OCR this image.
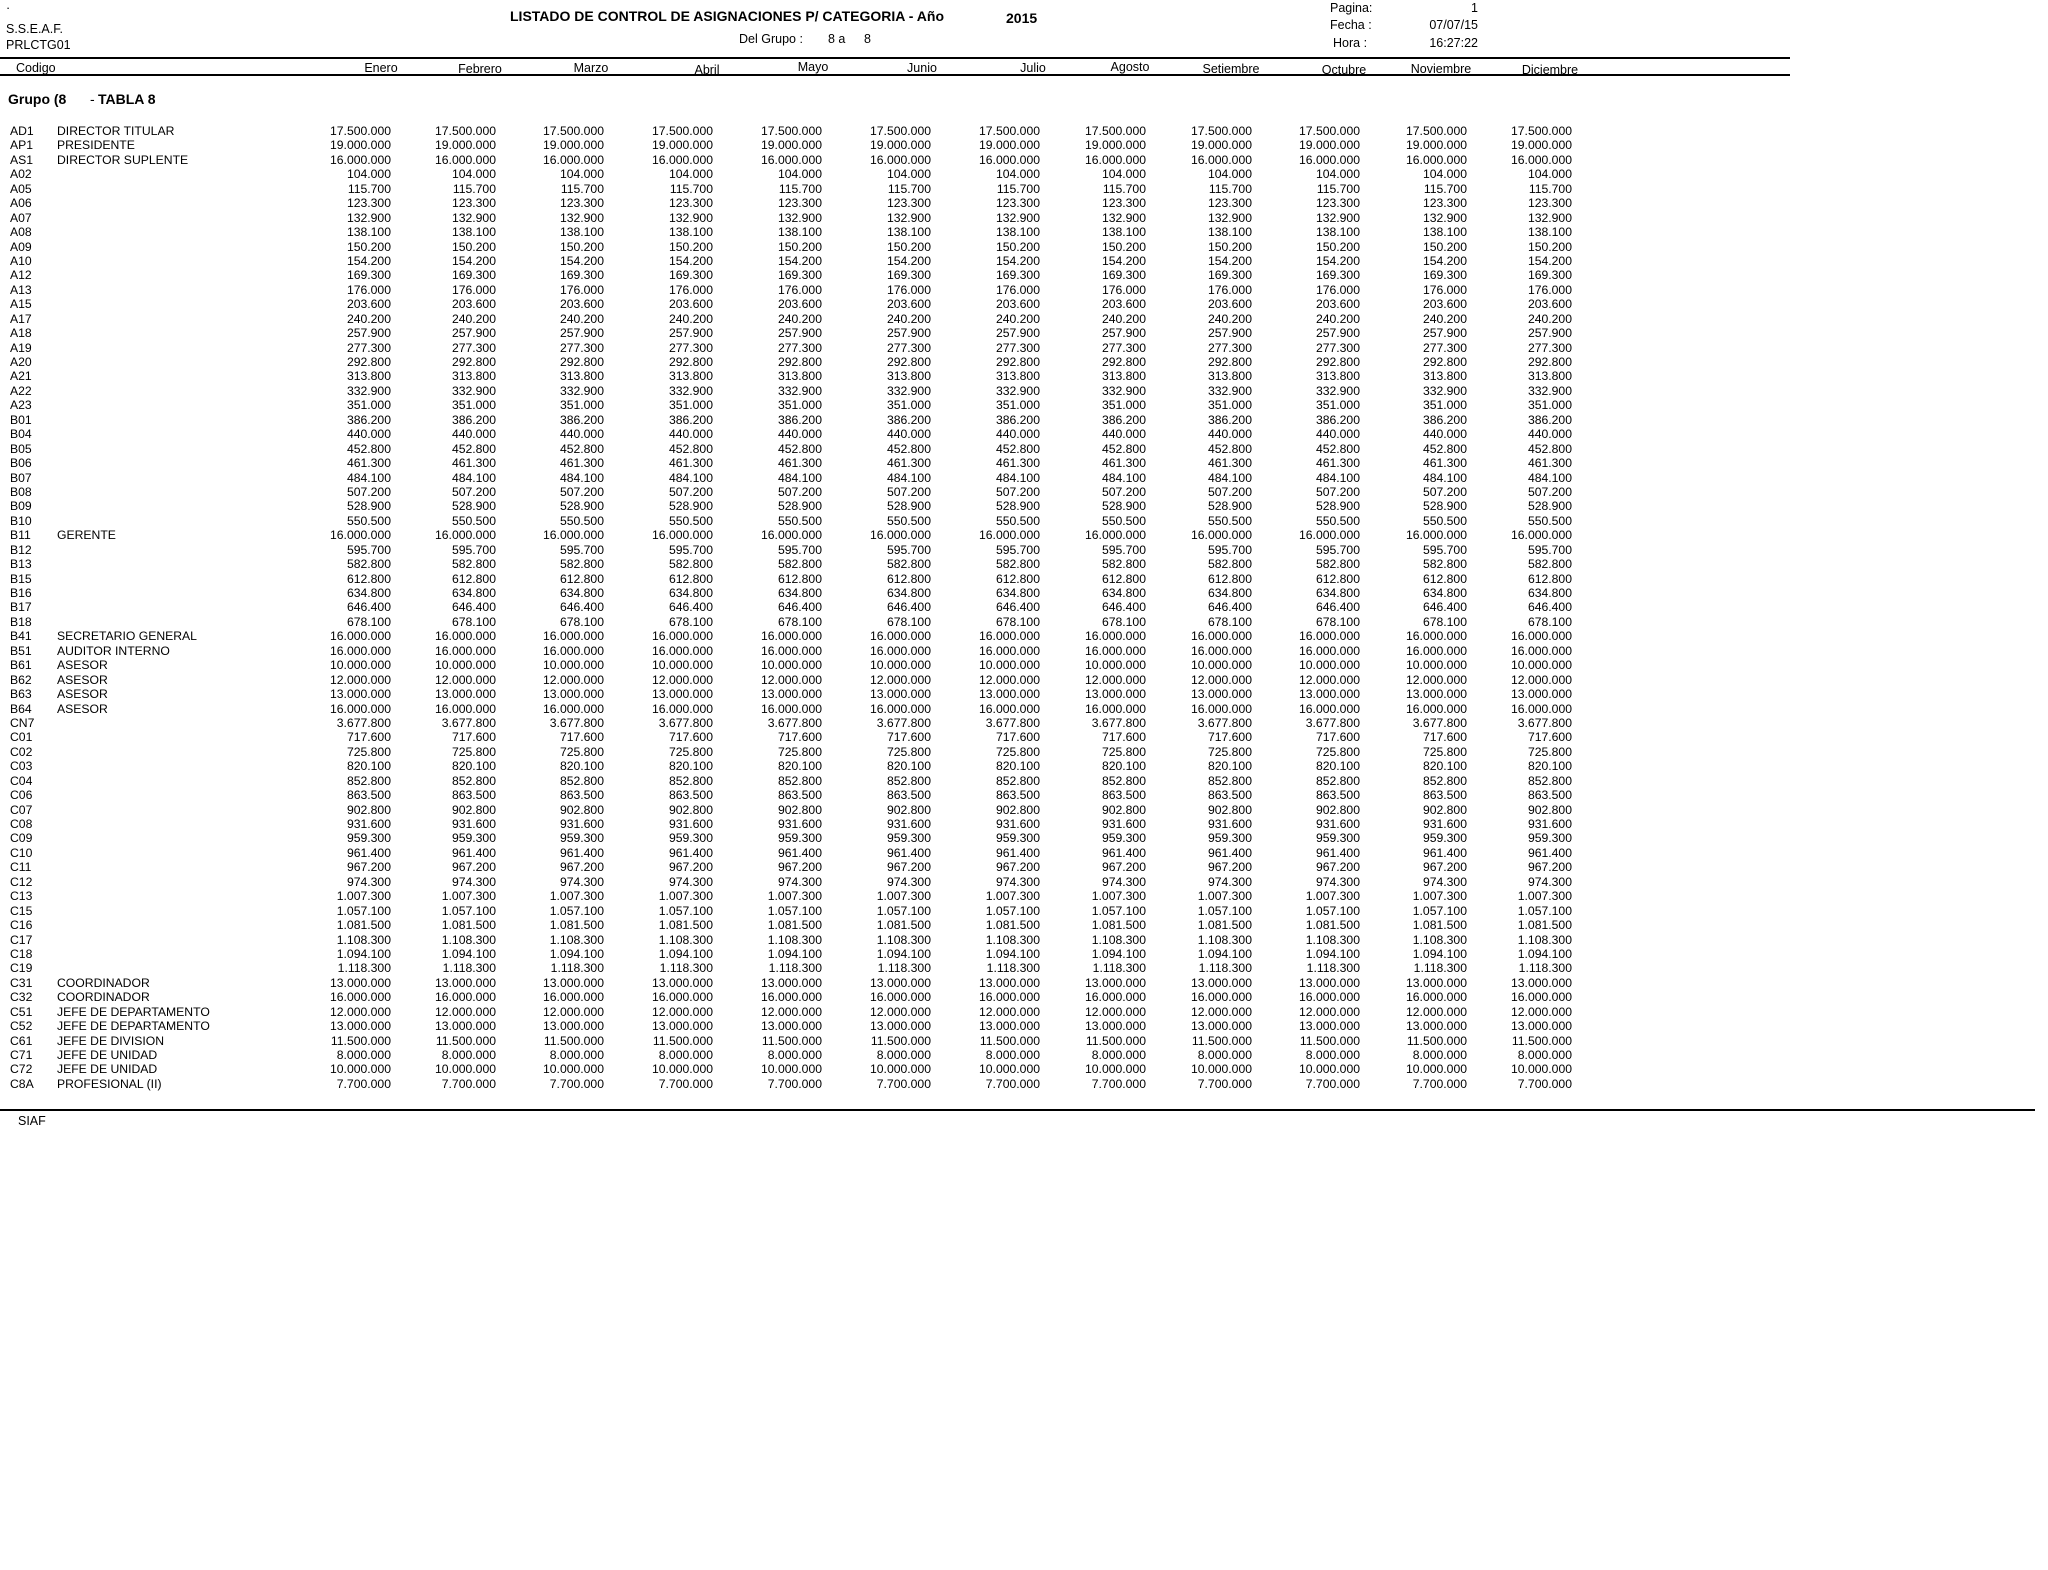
·
S.S.E.A.F.
PRLCTG01
LISTADO DE CONTROL DE ASIGNACIONES P/ CATEGORIA - Año	2015
Del Grupo : 8 a 8
Pagina:	1
Fecha :	07/07/15
Hora :	16:27:22
Codigo	Enero	Febrero	Marzo	Abril	Mayo	Junio	Julio	Agosto	Setiembre	Octubre	Noviembre	Diciembre
Grupo (8 - TABLA 8
AD1 DIRECTOR TITULAR	17.500.000	17.500.000	17.500.000	17.500.000	17.500.000	17.500.000	17.500.000	17.500.000	17.500.000	17.500.000	17.500.000	17.500.000
AP1 PRESIDENTE	19.000.000	19.000.000	19.000.000	19.000.000	19.000.000	19.000.000	19.000.000	19.000.000	19.000.000	19.000.000	19.000.000	19.000.000
AS1 DIRECTOR SUPLENTE	16.000.000	16.000.000	16.000.000	16.000.000	16.000.000	16.000.000	16.000.000	16.000.000	16.000.000	16.000.000	16.000.000	16.000.000
A02	104.000	104.000	104.000	104.000	104.000	104.000	104.000	104.000	104.000	104.000	104.000	104.000
A05	115.700	115.700	115.700	115.700	115.700	115.700	115.700	115.700	115.700	115.700	115.700	115.700
A06	123.300	123.300	123.300	123.300	123.300	123.300	123.300	123.300	123.300	123.300	123.300	123.300
A07	132.900	132.900	132.900	132.900	132.900	132.900	132.900	132.900	132.900	132.900	132.900	132.900
A08	138.100	138.100	138.100	138.100	138.100	138.100	138.100	138.100	138.100	138.100	138.100	138.100
A09	150.200	150.200	150.200	150.200	150.200	150.200	150.200	150.200	150.200	150.200	150.200	150.200
A10	154.200	154.200	154.200	154.200	154.200	154.200	154.200	154.200	154.200	154.200	154.200	154.200
A12	169.300	169.300	169.300	169.300	169.300	169.300	169.300	169.300	169.300	169.300	169.300	169.300
A13	176.000	176.000	176.000	176.000	176.000	176.000	176.000	176.000	176.000	176.000	176.000	176.000
A15	203.600	203.600	203.600	203.600	203.600	203.600	203.600	203.600	203.600	203.600	203.600	203.600
A17	240.200	240.200	240.200	240.200	240.200	240.200	240.200	240.200	240.200	240.200	240.200	240.200
A18	257.900	257.900	257.900	257.900	257.900	257.900	257.900	257.900	257.900	257.900	257.900	257.900
A19	277.300	277.300	277.300	277.300	277.300	277.300	277.300	277.300	277.300	277.300	277.300	277.300
A20	292.800	292.800	292.800	292.800	292.800	292.800	292.800	292.800	292.800	292.800	292.800	292.800
A21	313.800	313.800	313.800	313.800	313.800	313.800	313.800	313.800	313.800	313.800	313.800	313.800
A22	332.900	332.900	332.900	332.900	332.900	332.900	332.900	332.900	332.900	332.900	332.900	332.900
A23	351.000	351.000	351.000	351.000	351.000	351.000	351.000	351.000	351.000	351.000	351.000	351.000
B01	386.200	386.200	386.200	386.200	386.200	386.200	386.200	386.200	386.200	386.200	386.200	386.200
B04	440.000	440.000	440.000	440.000	440.000	440.000	440.000	440.000	440.000	440.000	440.000	440.000
B05	452.800	452.800	452.800	452.800	452.800	452.800	452.800	452.800	452.800	452.800	452.800	452.800
B06	461.300	461.300	461.300	461.300	461.300	461.300	461.300	461.300	461.300	461.300	461.300	461.300
B07	484.100	484.100	484.100	484.100	484.100	484.100	484.100	484.100	484.100	484.100	484.100	484.100
B08	507.200	507.200	507.200	507.200	507.200	507.200	507.200	507.200	507.200	507.200	507.200	507.200
B09	528.900	528.900	528.900	528.900	528.900	528.900	528.900	528.900	528.900	528.900	528.900	528.900
B10	550.500	550.500	550.500	550.500	550.500	550.500	550.500	550.500	550.500	550.500	550.500	550.500
B11 GERENTE	16.000.000	16.000.000	16.000.000	16.000.000	16.000.000	16.000.000	16.000.000	16.000.000	16.000.000	16.000.000	16.000.000	16.000.000
B12	595.700	595.700	595.700	595.700	595.700	595.700	595.700	595.700	595.700	595.700	595.700	595.700
B13	582.800	582.800	582.800	582.800	582.800	582.800	582.800	582.800	582.800	582.800	582.800	582.800
B15	612.800	612.800	612.800	612.800	612.800	612.800	612.800	612.800	612.800	612.800	612.800	612.800
B16	634.800	634.800	634.800	634.800	634.800	634.800	634.800	634.800	634.800	634.800	634.800	634.800
B17	646.400	646.400	646.400	646.400	646.400	646.400	646.400	646.400	646.400	646.400	646.400	646.400
B18	678.100	678.100	678.100	678.100	678.100	678.100	678.100	678.100	678.100	678.100	678.100	678.100
B41 SECRETARIO GENERAL	16.000.000	16.000.000	16.000.000	16.000.000	16.000.000	16.000.000	16.000.000	16.000.000	16.000.000	16.000.000	16.000.000	16.000.000
B51 AUDITOR INTERNO	16.000.000	16.000.000	16.000.000	16.000.000	16.000.000	16.000.000	16.000.000	16.000.000	16.000.000	16.000.000	16.000.000	16.000.000
B61 ASESOR	10.000.000	10.000.000	10.000.000	10.000.000	10.000.000	10.000.000	10.000.000	10.000.000	10.000.000	10.000.000	10.000.000	10.000.000
B62 ASESOR	12.000.000	12.000.000	12.000.000	12.000.000	12.000.000	12.000.000	12.000.000	12.000.000	12.000.000	12.000.000	12.000.000	12.000.000
B63 ASESOR	13.000.000	13.000.000	13.000.000	13.000.000	13.000.000	13.000.000	13.000.000	13.000.000	13.000.000	13.000.000	13.000.000	13.000.000
B64 ASESOR	16.000.000	16.000.000	16.000.000	16.000.000	16.000.000	16.000.000	16.000.000	16.000.000	16.000.000	16.000.000	16.000.000	16.000.000
CN7	3.677.800	3.677.800	3.677.800	3.677.800	3.677.800	3.677.800	3.677.800	3.677.800	3.677.800	3.677.800	3.677.800	3.677.800
C01	717.600	717.600	717.600	717.600	717.600	717.600	717.600	717.600	717.600	717.600	717.600	717.600
C02	725.800	725.800	725.800	725.800	725.800	725.800	725.800	725.800	725.800	725.800	725.800	725.800
C03	820.100	820.100	820.100	820.100	820.100	820.100	820.100	820.100	820.100	820.100	820.100	820.100
C04	852.800	852.800	852.800	852.800	852.800	852.800	852.800	852.800	852.800	852.800	852.800	852.800
C06	863.500	863.500	863.500	863.500	863.500	863.500	863.500	863.500	863.500	863.500	863.500	863.500
C07	902.800	902.800	902.800	902.800	902.800	902.800	902.800	902.800	902.800	902.800	902.800	902.800
C08	931.600	931.600	931.600	931.600	931.600	931.600	931.600	931.600	931.600	931.600	931.600	931.600
C09	959.300	959.300	959.300	959.300	959.300	959.300	959.300	959.300	959.300	959.300	959.300	959.300
C10	961.400	961.400	961.400	961.400	961.400	961.400	961.400	961.400	961.400	961.400	961.400	961.400
C11	967.200	967.200	967.200	967.200	967.200	967.200	967.200	967.200	967.200	967.200	967.200	967.200
C12	974.300	974.300	974.300	974.300	974.300	974.300	974.300	974.300	974.300	974.300	974.300	974.300
C13	1.007.300	1.007.300	1.007.300	1.007.300	1.007.300	1.007.300	1.007.300	1.007.300	1.007.300	1.007.300	1.007.300	1.007.300
C15	1.057.100	1.057.100	1.057.100	1.057.100	1.057.100	1.057.100	1.057.100	1.057.100	1.057.100	1.057.100	1.057.100	1.057.100
C16	1.081.500	1.081.500	1.081.500	1.081.500	1.081.500	1.081.500	1.081.500	1.081.500	1.081.500	1.081.500	1.081.500	1.081.500
C17	1.108.300	1.108.300	1.108.300	1.108.300	1.108.300	1.108.300	1.108.300	1.108.300	1.108.300	1.108.300	1.108.300	1.108.300
C18	1.094.100	1.094.100	1.094.100	1.094.100	1.094.100	1.094.100	1.094.100	1.094.100	1.094.100	1.094.100	1.094.100	1.094.100
C19	1.118.300	1.118.300	1.118.300	1.118.300	1.118.300	1.118.300	1.118.300	1.118.300	1.118.300	1.118.300	1.118.300	1.118.300
C31 COORDINADOR	13.000.000	13.000.000	13.000.000	13.000.000	13.000.000	13.000.000	13.000.000	13.000.000	13.000.000	13.000.000	13.000.000	13.000.000
C32 COORDINADOR	16.000.000	16.000.000	16.000.000	16.000.000	16.000.000	16.000.000	16.000.000	16.000.000	16.000.000	16.000.000	16.000.000	16.000.000
C51 JEFE DE DEPARTAMENTO	12.000.000	12.000.000	12.000.000	12.000.000	12.000.000	12.000.000	12.000.000	12.000.000	12.000.000	12.000.000	12.000.000	12.000.000
C52 JEFE DE DEPARTAMENTO	13.000.000	13.000.000	13.000.000	13.000.000	13.000.000	13.000.000	13.000.000	13.000.000	13.000.000	13.000.000	13.000.000	13.000.000
C61 JEFE DE DIVISION	11.500.000	11.500.000	11.500.000	11.500.000	11.500.000	11.500.000	11.500.000	11.500.000	11.500.000	11.500.000	11.500.000	11.500.000
C71 JEFE DE UNIDAD	8.000.000	8.000.000	8.000.000	8.000.000	8.000.000	8.000.000	8.000.000	8.000.000	8.000.000	8.000.000	8.000.000	8.000.000
C72 JEFE DE UNIDAD	10.000.000	10.000.000	10.000.000	10.000.000	10.000.000	10.000.000	10.000.000	10.000.000	10.000.000	10.000.000	10.000.000	10.000.000
C8A PROFESIONAL (II)	7.700.000	7.700.000	7.700.000	7.700.000	7.700.000	7.700.000	7.700.000	7.700.000	7.700.000	7.700.000	7.700.000	7.700.000
SIAF
